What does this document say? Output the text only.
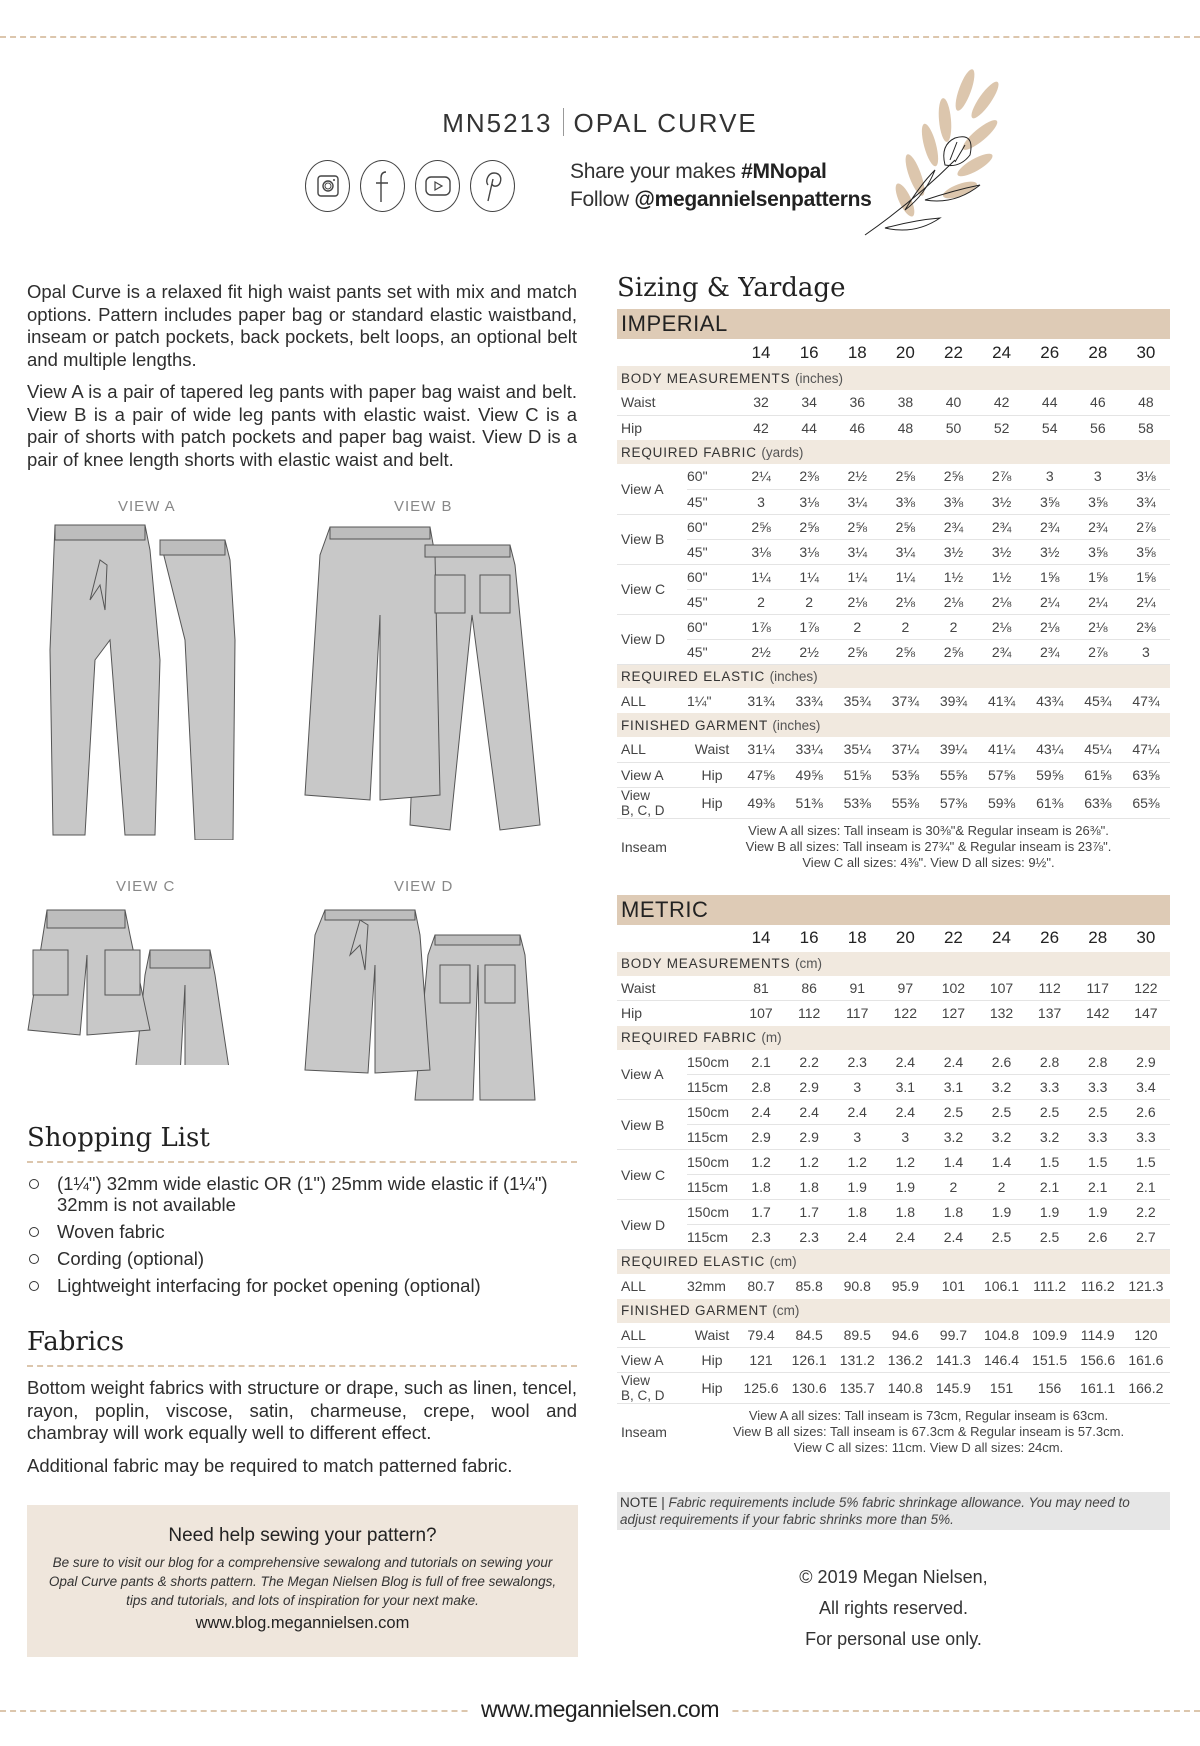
MN5213 OPAL CURVE
Share your makes #MNopal
Follow @megannielsenpatterns

Opal Curve is a relaxed fit high waist pants set with mix and match options. Pattern includes paper bag or standard elastic waistband, inseam or patch pockets, back pockets, belt loops, an optional belt and multiple lengths.

View A is a pair of tapered leg pants with paper bag waist and belt. View B is a pair of wide leg pants with elastic waist. View C is a pair of shorts with patch pockets and paper bag waist. View D is a pair of knee length shorts with elastic waist and belt.

VIEW A	VIEW B
VIEW C	VIEW D
Shopping List
(1¼") 32mm wide elastic OR (1") 25mm wide elastic if (1¼") 32mm is not available
Woven fabric
Cording (optional)
Lightweight interfacing for pocket opening (optional)
Fabrics

Bottom weight fabrics with structure or drape, such as linen, tencel, rayon, poplin, viscose, satin, charmeuse, crepe, wool and chambray will work equally well to different effect.

Additional fabric may be required to match patterned fabric.

Need help sewing your pattern?
Be sure to visit our blog for a comprehensive sewalong and tutorials on sewing your Opal Curve pants & shorts pattern. The Megan Nielsen Blog is full of free sewalongs, tips and tutorials, and lots of inspiration for your next make.
www.blog.megannielsen.com
Sizing & Yardage
IMPERIAL										
		14	16	18	20	22	24	26	28	30
BODY MEASUREMENTS (inches)										
Waist		32	34	36	38	40	42	44	46	48
Hip		42	44	46	48	50	52	54	56	58
REQUIRED FABRIC (yards)										
View A	60"	2¼	2⅜	2½	2⅝	2⅝	2⅞	3	3	3⅛
	45"	3	3⅛	3¼	3⅜	3⅜	3½	3⅝	3⅝	3¾
View B	60"	2⅝	2⅝	2⅝	2⅝	2¾	2¾	2¾	2¾	2⅞
	45"	3⅛	3⅛	3¼	3¼	3½	3½	3½	3⅝	3⅝
View C	60"	1¼	1¼	1¼	1¼	1½	1½	1⅝	1⅝	1⅝
	45"	2	2	2⅛	2⅛	2⅛	2⅛	2¼	2¼	2¼
View D	60"	1⅞	1⅞	2	2	2	2⅛	2⅛	2⅛	2⅜
	45"	2½	2½	2⅝	2⅝	2⅝	2¾	2¾	2⅞	3
REQUIRED ELASTIC (inches)										
ALL	1¼"	31¾	33¾	35¾	37¾	39¾	41¾	43¾	45¾	47¾
FINISHED GARMENT (inches)										
ALL	Waist	31¼	33¼	35¼	37¼	39¼	41¼	43¼	45¼	47¼
View A	Hip	47⅝	49⅝	51⅝	53⅝	55⅝	57⅝	59⅝	61⅝	63⅝
View
B, C, D	Hip	49⅜	51⅜	53⅜	55⅜	57⅜	59⅜	61⅜	63⅜	65⅜
Inseam	View A all sizes: Tall inseam is 30⅜"& Regular inseam is 26⅜".
View B all sizes: Tall inseam is 27¾" & Regular inseam is 23⅞".
View C all sizes: 4⅜". View D all sizes: 9½".									
METRIC										
		14	16	18	20	22	24	26	28	30
BODY MEASUREMENTS (cm)										
Waist		81	86	91	97	102	107	112	117	122
Hip		107	112	117	122	127	132	137	142	147
REQUIRED FABRIC (m)										
View A	150cm	2.1	2.2	2.3	2.4	2.4	2.6	2.8	2.8	2.9
	115cm	2.8	2.9	3	3.1	3.1	3.2	3.3	3.3	3.4
View B	150cm	2.4	2.4	2.4	2.4	2.5	2.5	2.5	2.5	2.6
	115cm	2.9	2.9	3	3	3.2	3.2	3.2	3.3	3.3
View C	150cm	1.2	1.2	1.2	1.2	1.4	1.4	1.5	1.5	1.5
	115cm	1.8	1.8	1.9	1.9	2	2	2.1	2.1	2.1
View D	150cm	1.7	1.7	1.8	1.8	1.8	1.9	1.9	1.9	2.2
	115cm	2.3	2.3	2.4	2.4	2.4	2.5	2.5	2.6	2.7
REQUIRED ELASTIC (cm)										
ALL	32mm	80.7	85.8	90.8	95.9	101	106.1	111.2	116.2	121.3
FINISHED GARMENT (cm)										
ALL	Waist	79.4	84.5	89.5	94.6	99.7	104.8	109.9	114.9	120
View A	Hip	121	126.1	131.2	136.2	141.3	146.4	151.5	156.6	161.6
View
B, C, D	Hip	125.6	130.6	135.7	140.8	145.9	151	156	161.1	166.2
Inseam	View A all sizes: Tall inseam is 73cm, Regular inseam is 63cm.
View B all sizes: Tall inseam is 67.3cm & Regular inseam is 57.3cm.
View C all sizes: 11cm. View D all sizes: 24cm.									
NOTE | Fabric requirements include 5% fabric shrinkage allowance. You may need to adjust requirements if your fabric shrinks more than 5%.
© 2019 Megan Nielsen,
All rights reserved.
For personal use only.
www.megannielsen.com
